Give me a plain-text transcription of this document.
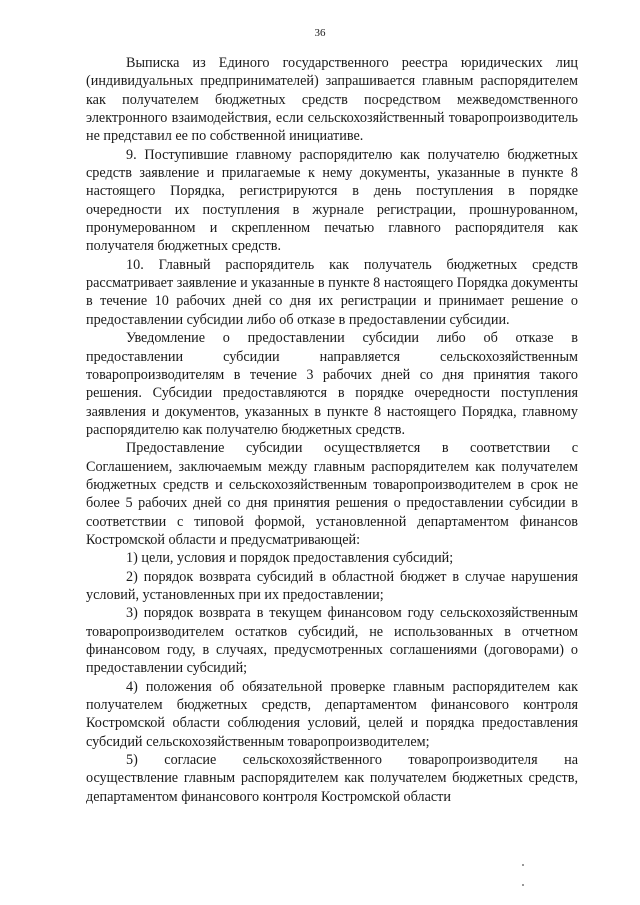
36

Выписка из Единого государственного реестра юридических лиц (индивидуальных предпринимателей) запрашивается главным распорядителем как получателем бюджетных средств посредством межведомственного электронного взаимодействия, если сельскохозяйственный товаропроизводитель не представил ее по собственной инициативе.

9. Поступившие главному распорядителю как получателю бюджетных средств заявление и прилагаемые к нему документы, указанные в пункте 8 настоящего Порядка, регистрируются в день поступления в порядке очередности их поступления в журнале регистрации, прошнурованном, пронумерованном и скрепленном печатью главного распорядителя как получателя бюджетных средств.

10. Главный распорядитель как получатель бюджетных средств рассматривает заявление и указанные в пункте 8 настоящего Порядка документы в течение 10 рабочих дней со дня их регистрации и принимает решение о предоставлении субсидии либо об отказе в предоставлении субсидии.

Уведомление о предоставлении субсидии либо об отказе в предоставлении субсидии направляется сельскохозяйственным товаропроизводителям в течение 3 рабочих дней со дня принятия такого решения. Субсидии предоставляются в порядке очередности поступления заявления и документов, указанных в пункте 8 настоящего Порядка, главному распорядителю как получателю бюджетных средств.

Предоставление субсидии осуществляется в соответствии с Соглашением, заключаемым между главным распорядителем как получателем бюджетных средств и сельскохозяйственным товаропроизводителем в срок не более 5 рабочих дней со дня принятия решения о предоставлении субсидии в соответствии с типовой формой, установленной департаментом финансов Костромской области и предусматривающей:

1) цели, условия и порядок предоставления субсидий;

2) порядок возврата субсидий в областной бюджет в случае нарушения условий, установленных при их предоставлении;

3) порядок возврата в текущем финансовом году сельскохозяйственным товаропроизводителем остатков субсидий, не использованных в отчетном финансовом году, в случаях, предусмотренных соглашениями (договорами) о предоставлении субсидий;

4) положения об обязательной проверке главным распорядителем как получателем бюджетных средств, департаментом финансового контроля Костромской области соблюдения условий, целей и порядка предоставления субсидий сельскохозяйственным товаропроизводителем;

5) согласие сельскохозяйственного товаропроизводителя на осуществление главным распорядителем как получателем бюджетных средств, департаментом финансового контроля Костромской области
